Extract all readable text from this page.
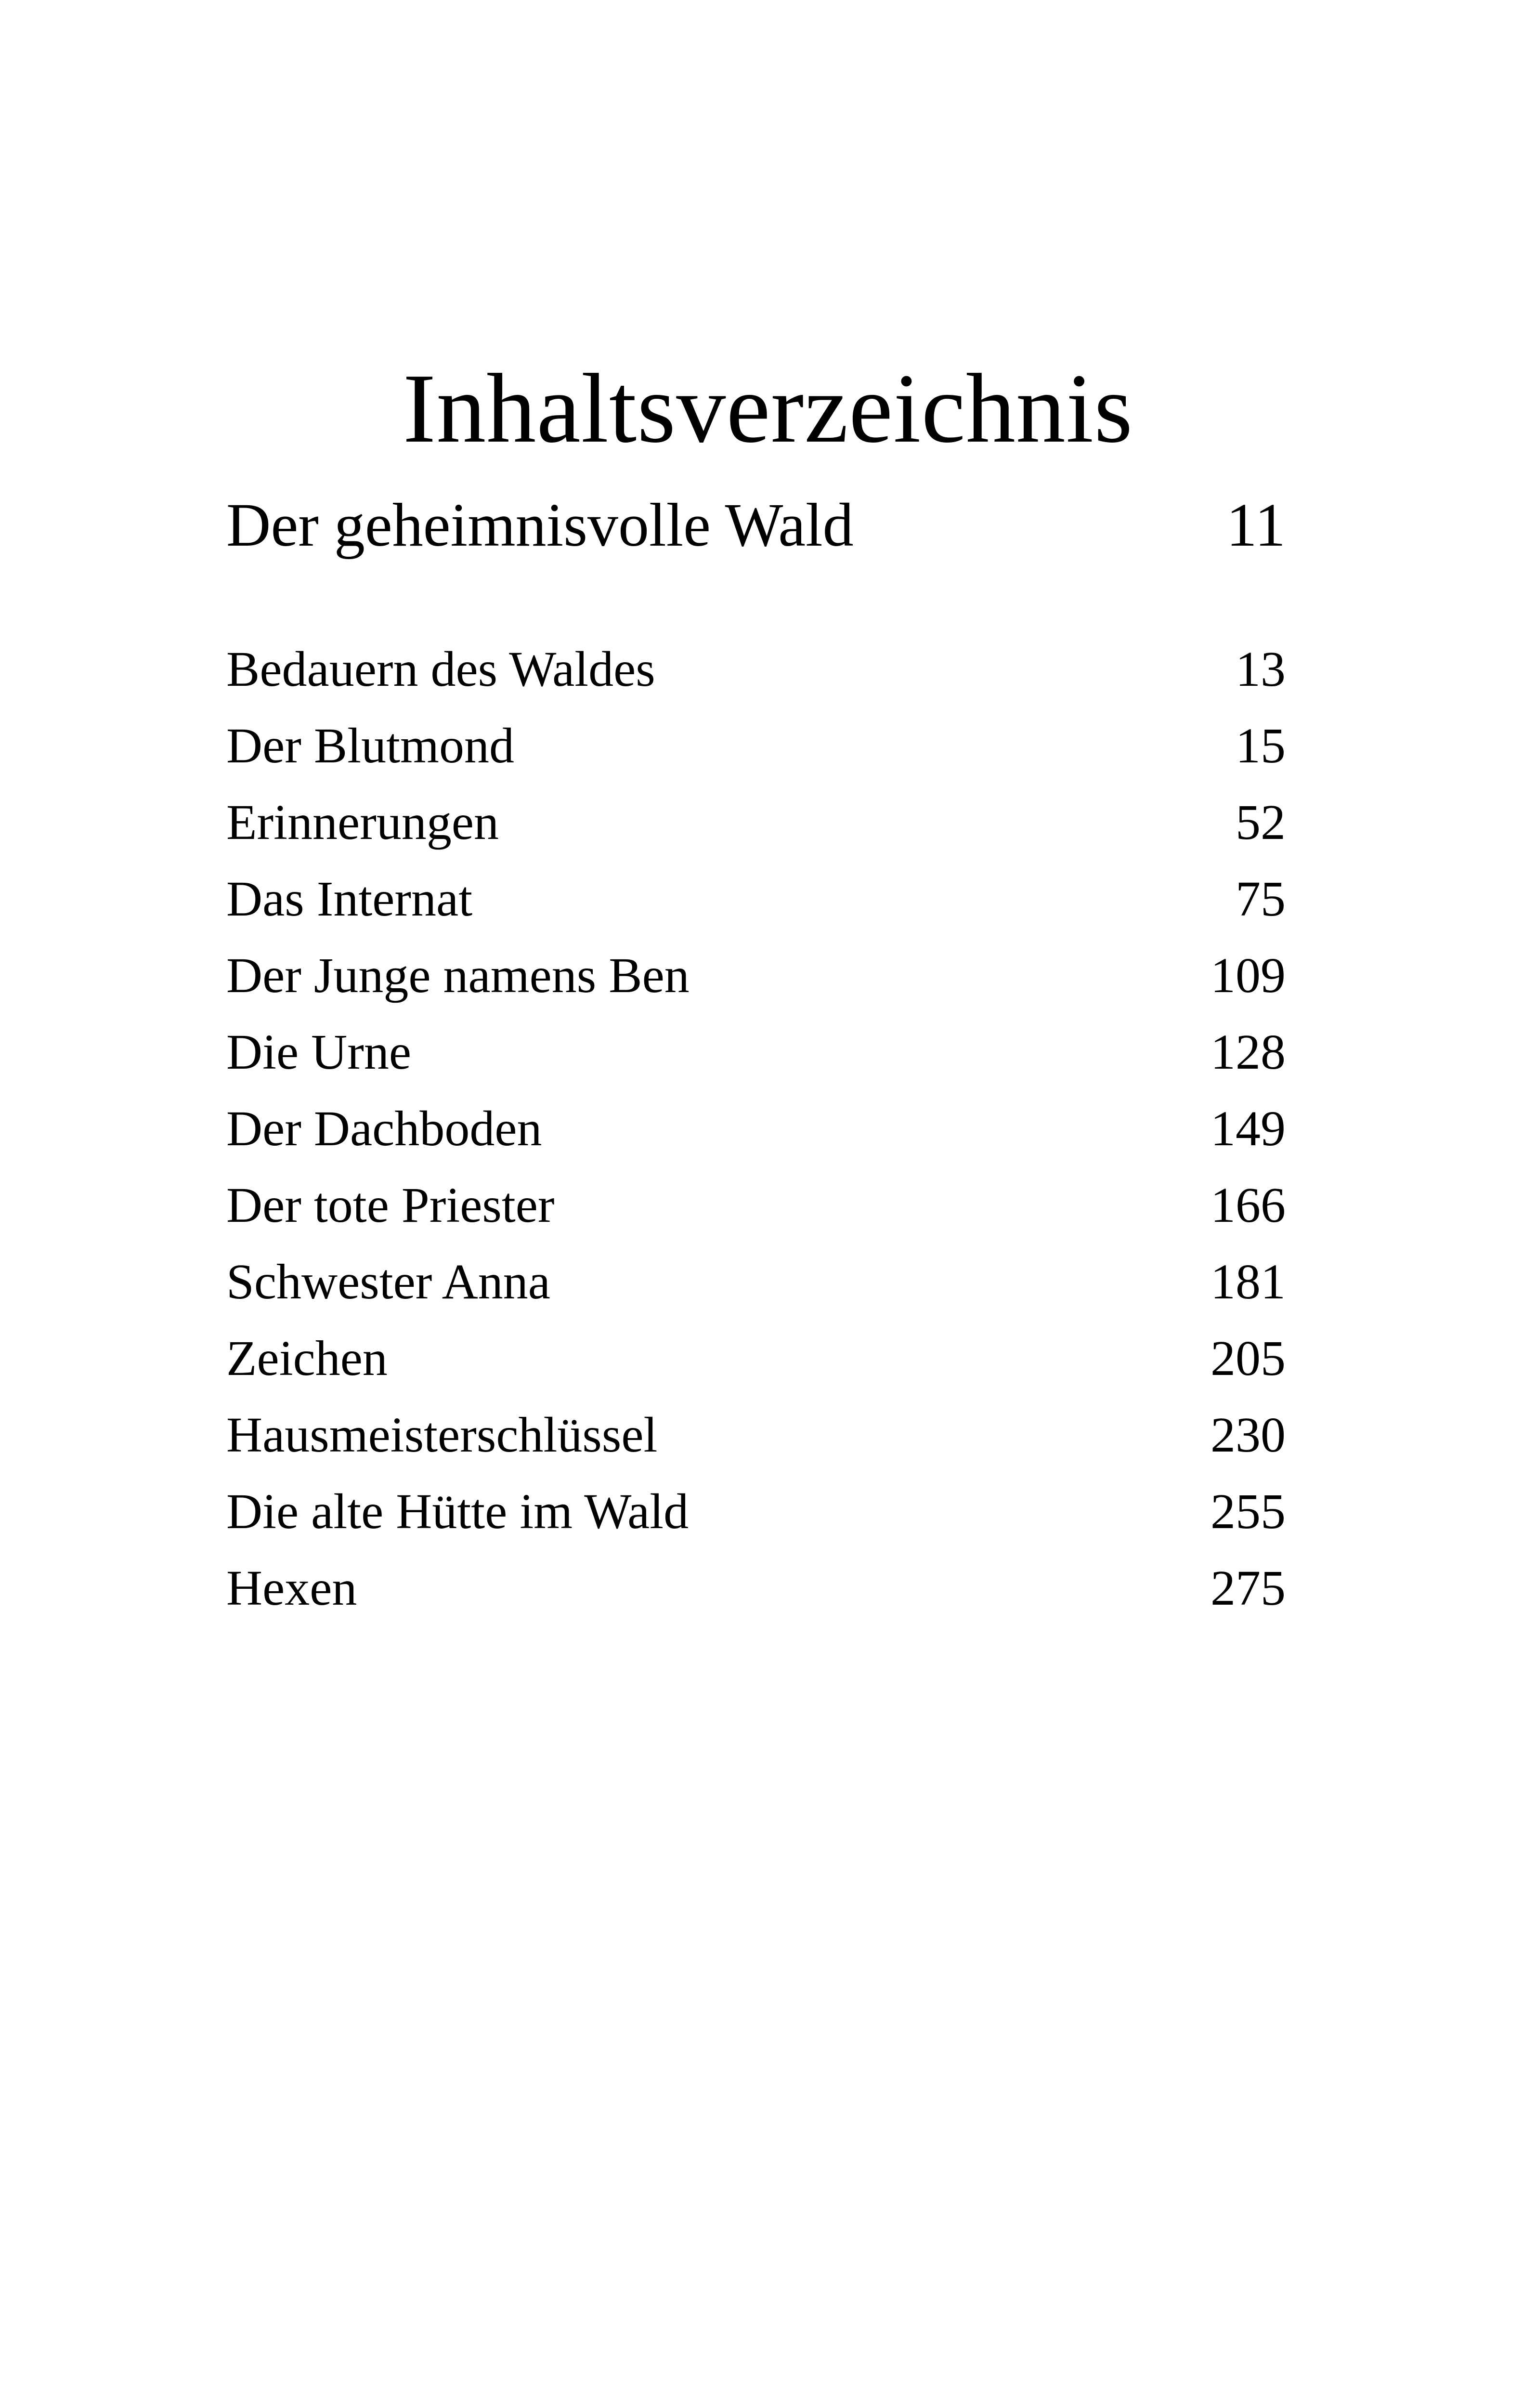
Inhaltsverzeichnis
Der geheimnisvolle Wald	11
Bedauern des Waldes	13
Der Blutmond	15
Erinnerungen	52
Das Internat	75
Der Junge namens Ben	109
Die Urne	128
Der Dachboden	149
Der tote Priester	166
Schwester Anna	181
Zeichen	205
Hausmeisterschlüssel	230
Die alte Hütte im Wald	255
Hexen	275
